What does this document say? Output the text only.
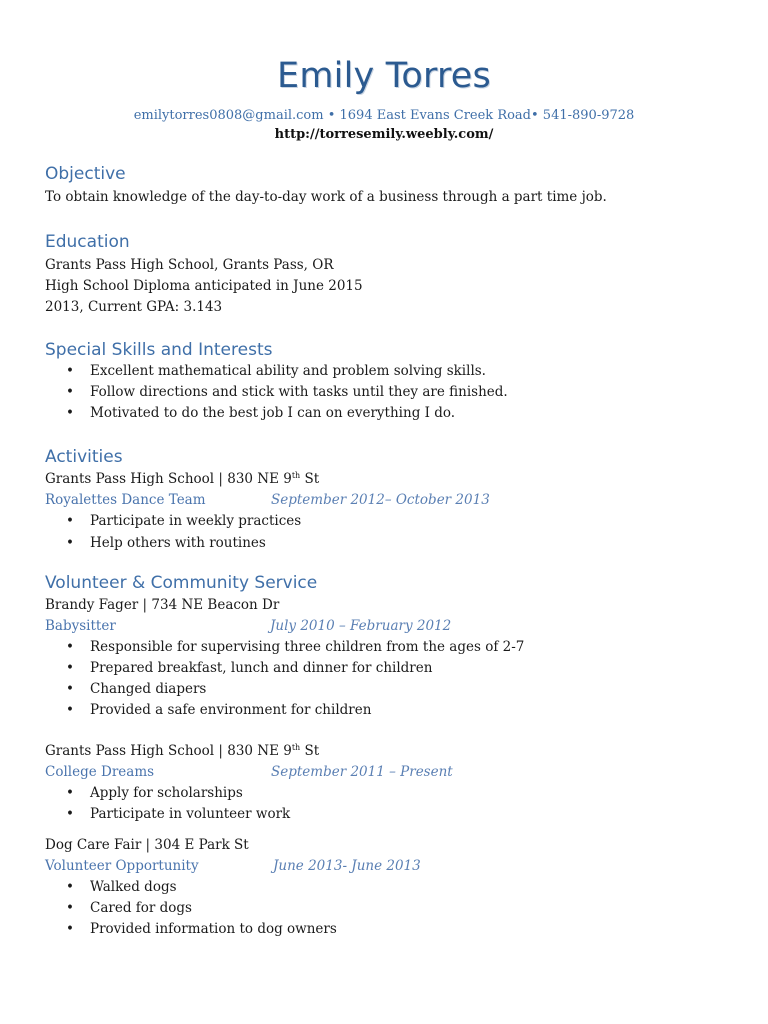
Emily Torres
emilytorres0808@gmail.com • 1694 East Evans Creek Road• 541-890-9728
http://torresemily.weebly.com/
Objective
To obtain knowledge of the day-to-day work of a business through a part time job.
Education
Grants Pass High School, Grants Pass, OR
High School Diploma anticipated in June 2015
2013, Current GPA: 3.143
Special Skills and Interests
• Excellent mathematical ability and problem solving skills.
• Follow directions and stick with tasks until they are finished.
• Motivated to do the best job I can on everything I do.
Activities
Grants Pass High School | 830 NE 9th St
Royalettes Dance Team	September 2012– October 2013
• Participate in weekly practices
• Help others with routines
Volunteer & Community Service
Brandy Fager | 734 NE Beacon Dr
Babysitter	July 2010 – February 2012
• Responsible for supervising three children from the ages of 2-7
• Prepared breakfast, lunch and dinner for children
• Changed diapers
• Provided a safe environment for children
Grants Pass High School | 830 NE 9th St
College Dreams	September 2011 – Present
• Apply for scholarships
• Participate in volunteer work
Dog Care Fair | 304 E Park St
Volunteer Opportunity	June 2013- June 2013
• Walked dogs
• Cared for dogs
• Provided information to dog owners
